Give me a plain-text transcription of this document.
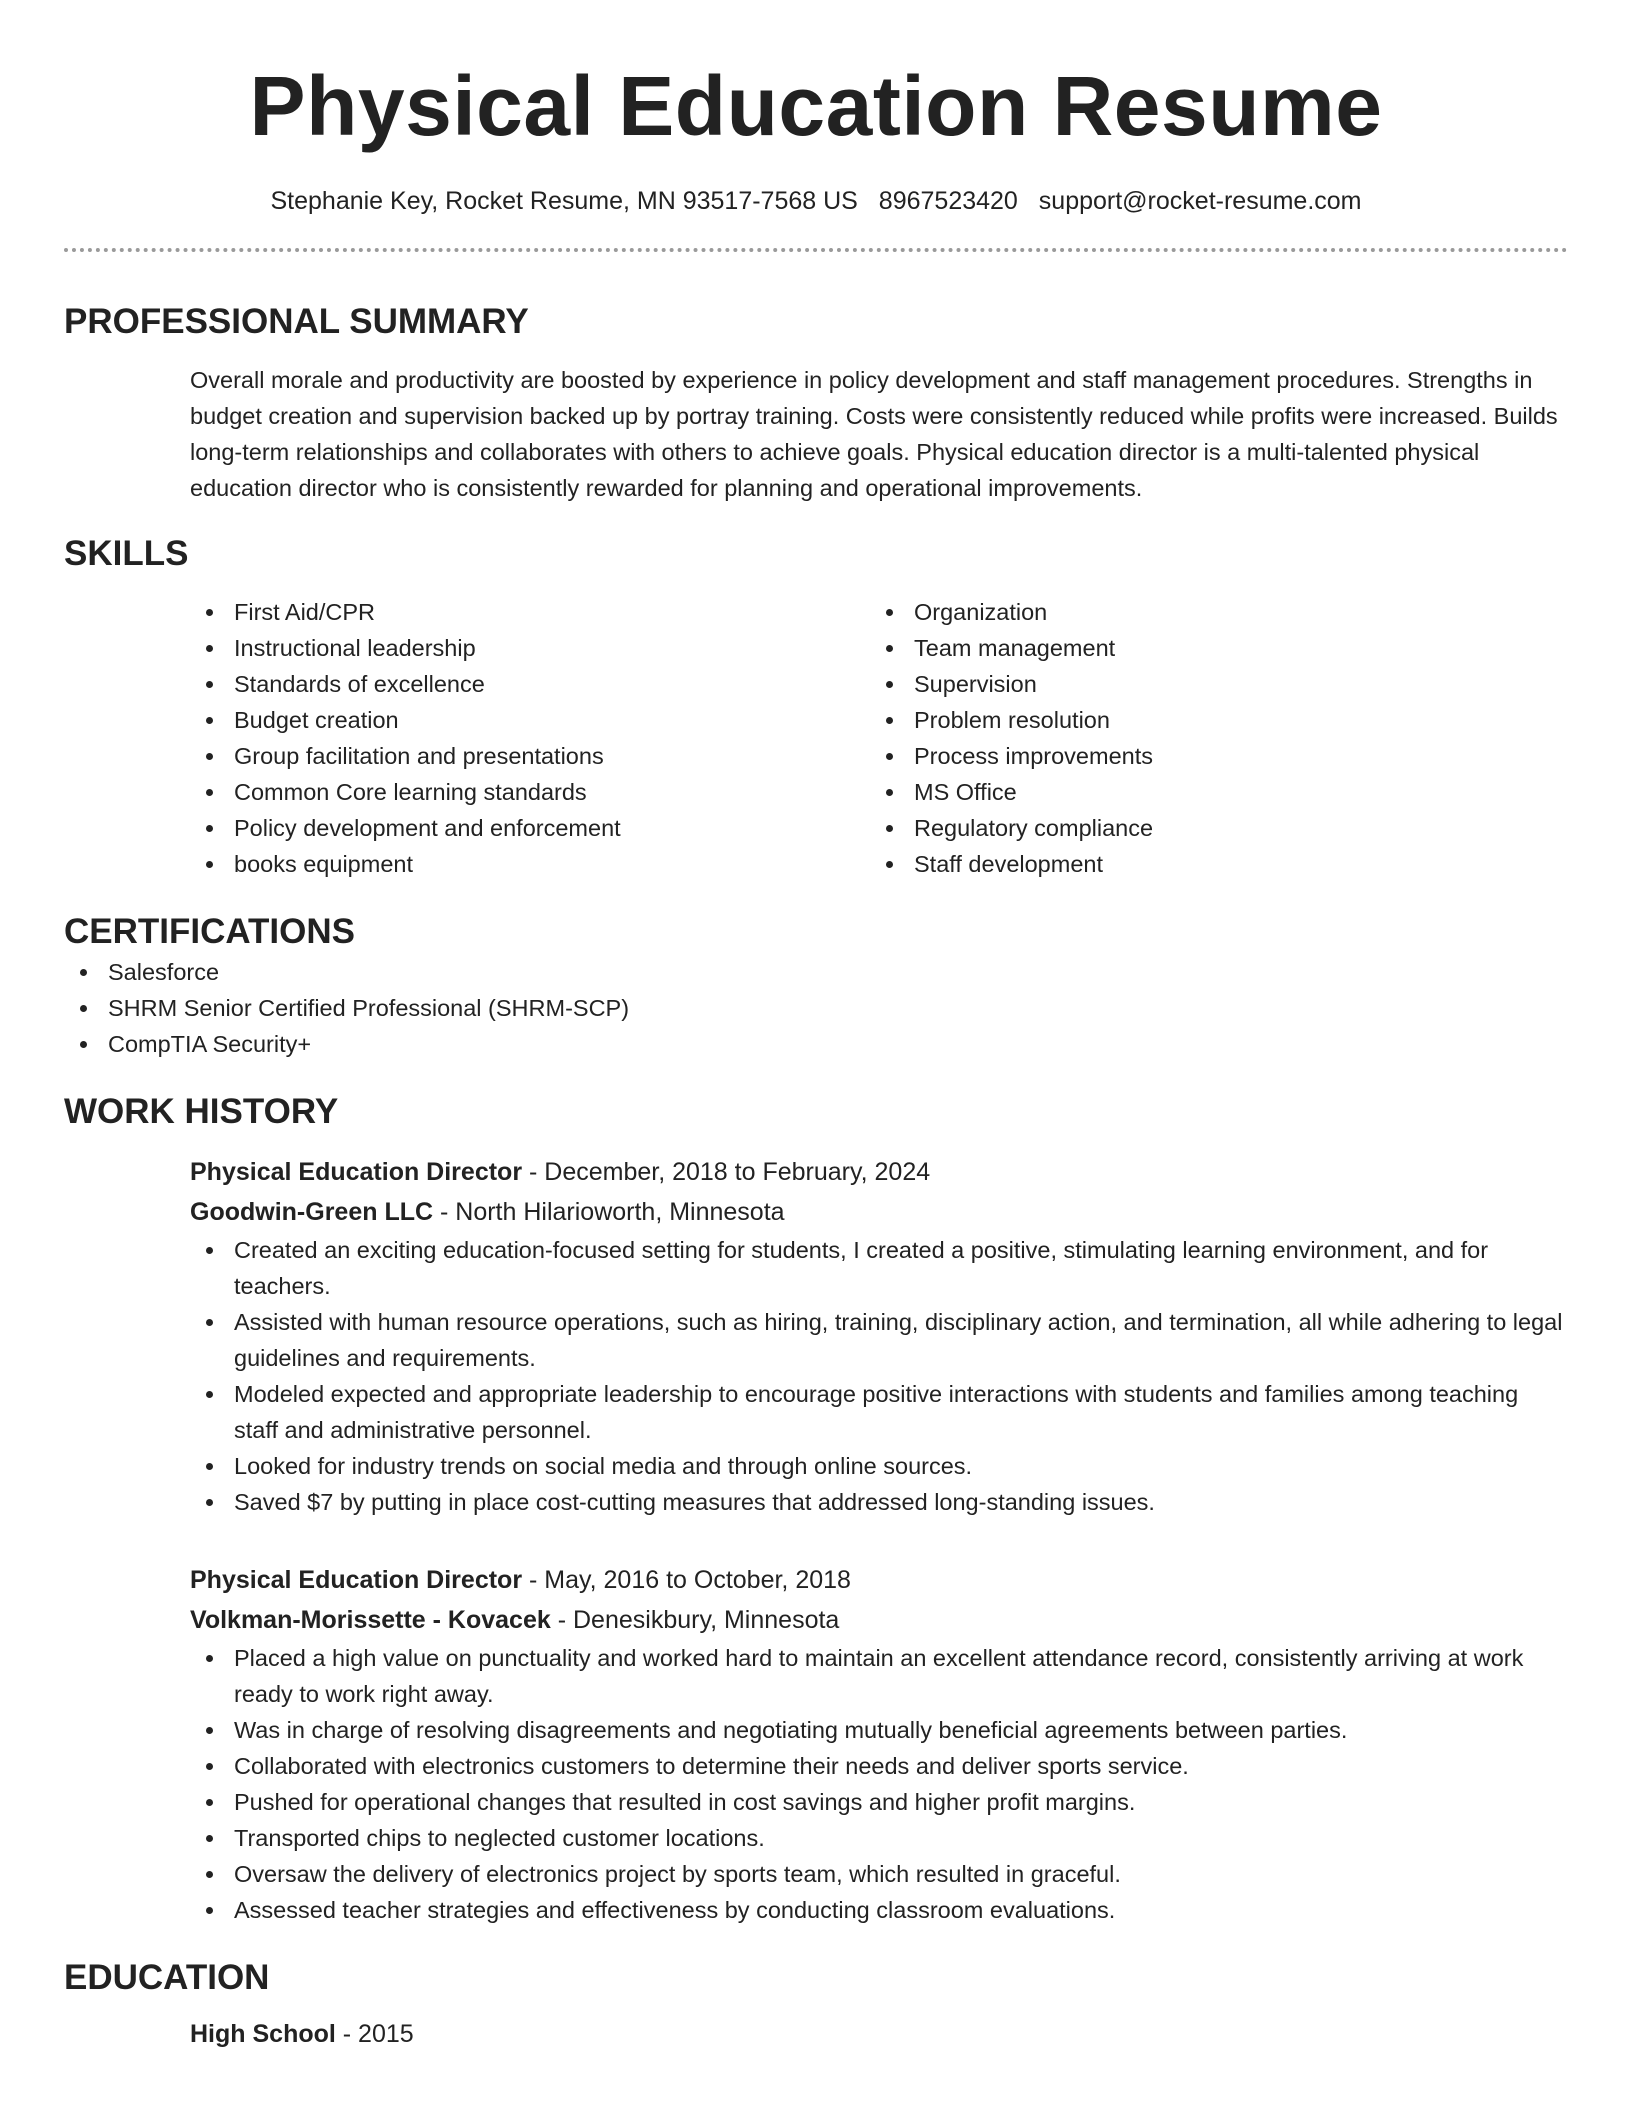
Physical Education Resume
Stephanie Key, Rocket Resume, MN 93517-7568 US 8967523420 support@rocket-resume.com
PROFESSIONAL SUMMARY
Overall morale and productivity are boosted by experience in policy development and staff management procedures. Strengths in budget creation and supervision backed up by portray training. Costs were consistently reduced while profits were increased. Builds long-term relationships and collaborates with others to achieve goals. Physical education director is a multi-talented physical education director who is consistently rewarded for planning and operational improvements.
SKILLS
First Aid/CPR
Instructional leadership
Standards of excellence
Budget creation
Group facilitation and presentations
Common Core learning standards
Policy development and enforcement
books equipment
Organization
Team management
Supervision
Problem resolution
Process improvements
MS Office
Regulatory compliance
Staff development
CERTIFICATIONS
Salesforce
SHRM Senior Certified Professional (SHRM-SCP)
CompTIA Security+
WORK HISTORY
Physical Education Director - December, 2018 to February, 2024
Goodwin-Green LLC - North Hilarioworth, Minnesota
Created an exciting education-focused setting for students, I created a positive, stimulating learning environment, and for teachers.
Assisted with human resource operations, such as hiring, training, disciplinary action, and termination, all while adhering to legal guidelines and requirements.
Modeled expected and appropriate leadership to encourage positive interactions with students and families among teaching staff and administrative personnel.
Looked for industry trends on social media and through online sources.
Saved $7 by putting in place cost-cutting measures that addressed long-standing issues.
Physical Education Director - May, 2016 to October, 2018
Volkman-Morissette - Kovacek - Denesikbury, Minnesota
Placed a high value on punctuality and worked hard to maintain an excellent attendance record, consistently arriving at work ready to work right away.
Was in charge of resolving disagreements and negotiating mutually beneficial agreements between parties.
Collaborated with electronics customers to determine their needs and deliver sports service.
Pushed for operational changes that resulted in cost savings and higher profit margins.
Transported chips to neglected customer locations.
Oversaw the delivery of electronics project by sports team, which resulted in graceful.
Assessed teacher strategies and effectiveness by conducting classroom evaluations.
EDUCATION
High School - 2015
